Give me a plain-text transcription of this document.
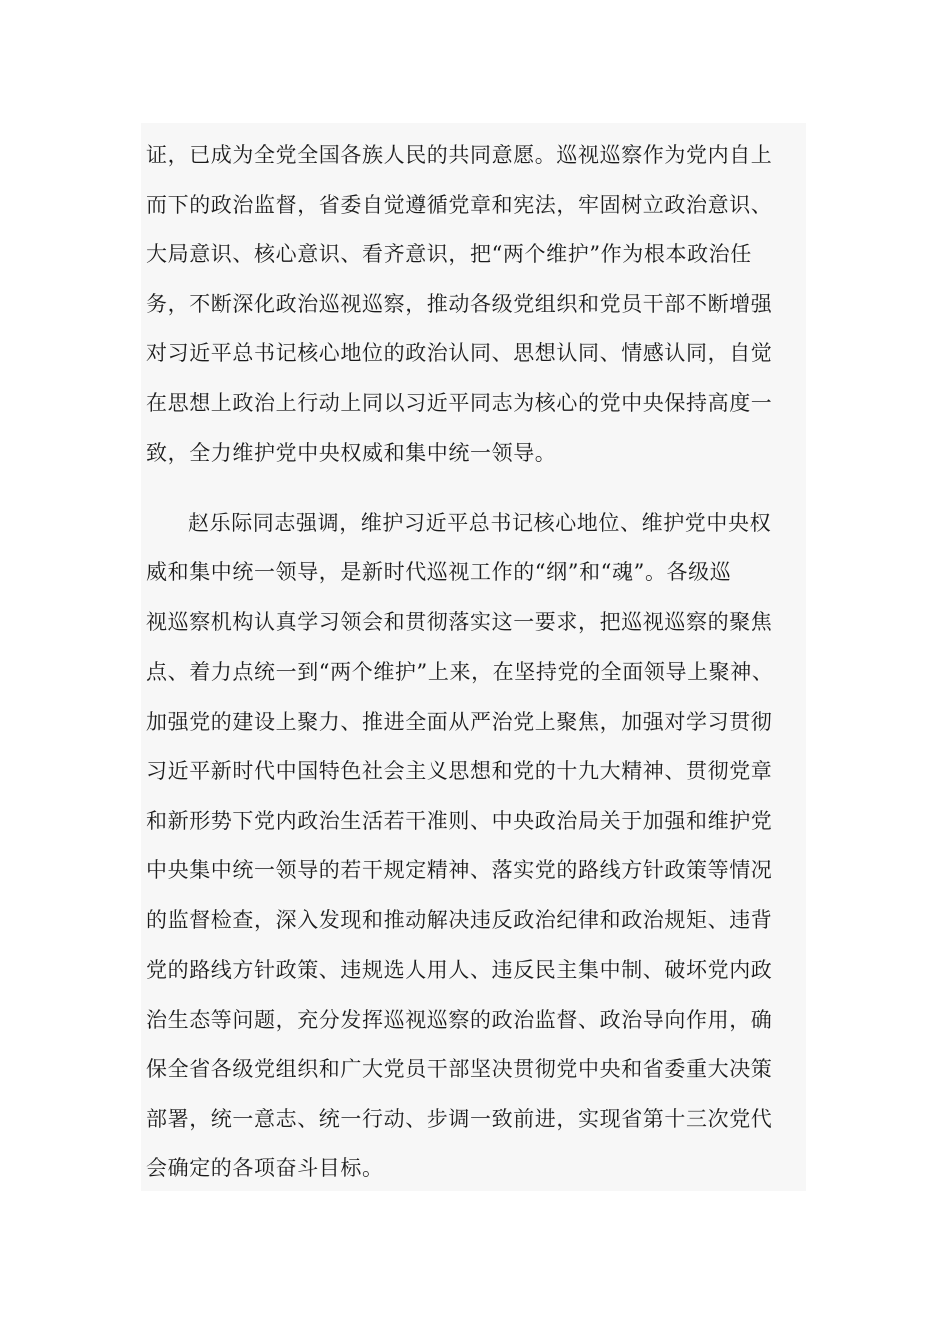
证，已成为全党全国各族人民的共同意愿。巡视巡察作为党内自上
而下的政治监督，省委自觉遵循党章和宪法，牢固树立政治意识、
大局意识、核心意识、看齐意识，把“两个维护”作为根本政治任
务，不断深化政治巡视巡察，推动各级党组织和党员干部不断增强
对习近平总书记核心地位的政治认同、思想认同、情感认同，自觉
在思想上政治上行动上同以习近平同志为核心的党中央保持高度一
致，全力维护党中央权威和集中统一领导。
赵乐际同志强调，维护习近平总书记核心地位、维护党中央权
威和集中统一领导，是新时代巡视工作的“纲”和“魂”。各级巡
视巡察机构认真学习领会和贯彻落实这一要求，把巡视巡察的聚焦
点、着力点统一到“两个维护”上来，在坚持党的全面领导上聚神、
加强党的建设上聚力、推进全面从严治党上聚焦，加强对学习贯彻
习近平新时代中国特色社会主义思想和党的十九大精神、贯彻党章
和新形势下党内政治生活若干准则、中央政治局关于加强和维护党
中央集中统一领导的若干规定精神、落实党的路线方针政策等情况
的监督检查，深入发现和推动解决违反政治纪律和政治规矩、违背
党的路线方针政策、违规选人用人、违反民主集中制、破坏党内政
治生态等问题，充分发挥巡视巡察的政治监督、政治导向作用，确
保全省各级党组织和广大党员干部坚决贯彻党中央和省委重大决策
部署，统一意志、统一行动、步调一致前进，实现省第十三次党代
会确定的各项奋斗目标。
